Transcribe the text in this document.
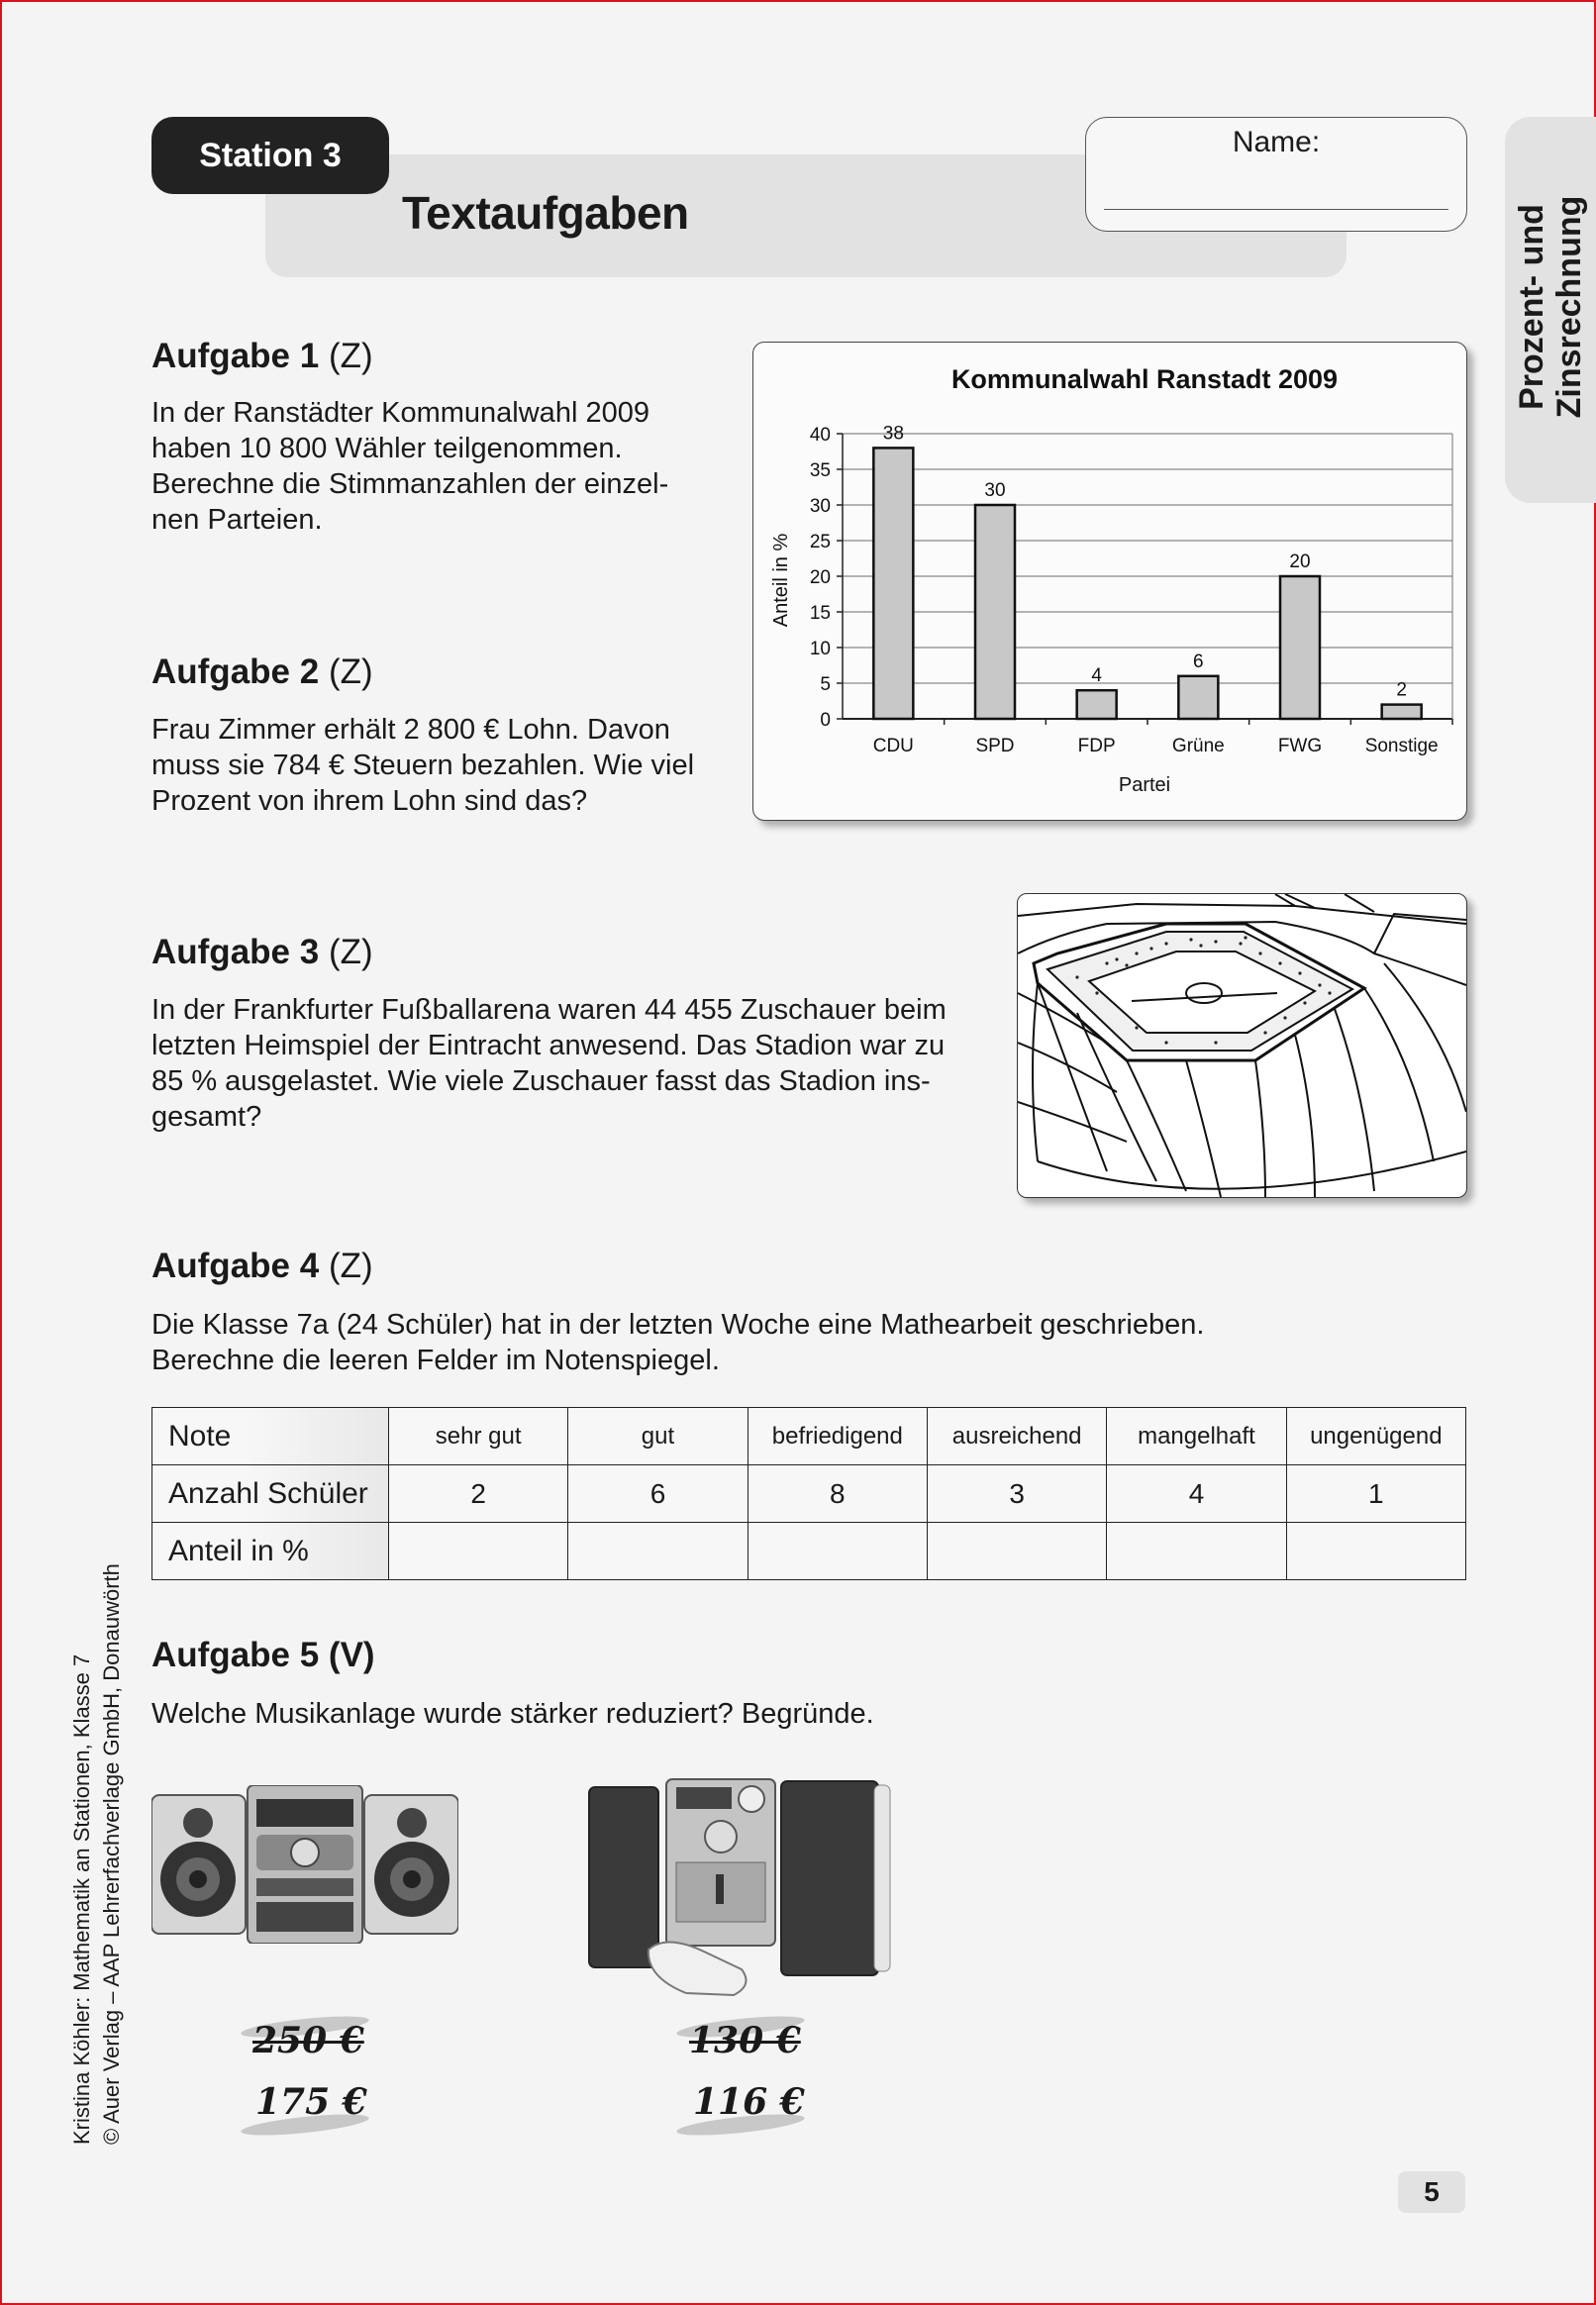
Station 3
Textaufgaben
Name:
Prozent- und Zinsrechnung
Aufgabe 1 (Z)
In der Ranstädter Kommunalwahl 2009
haben 10 800 Wähler teilgenommen.
Berechne die Stimmanzahlen der einzel-
nen Parteien.
Aufgabe 2 (Z)
Frau Zimmer erhält 2 800 € Lohn. Davon
muss sie 784 € Steuern bezahlen. Wie viel
Prozent von ihrem Lohn sind das?
Kommunalwahl Ranstadt 2009
0
5
10
15
20
25
30
35
40	38
30
4
6
20
2
CDU	SPD	FDP	Grüne	FWG Sonstige
Partei
Anteil in %
Aufgabe 3 (Z)
In der Frankfurter Fußballarena waren 44 455 Zuschauer beim
letzten Heimspiel der Eintracht anwesend. Das Stadion war zu
85 % ausgelastet. Wie viele Zuschauer fasst das Stadion ins-
gesamt?
Aufgabe 4 (Z)
Die Klasse 7a (24 Schüler) hat in der letzten Woche eine Mathearbeit geschrieben.
Berechne die leeren Felder im Notenspiegel.
Note	sehr gut	gut	befriedigend	ausreichend	mangelhaft	ungenügend
Anzahl Schüler	2	6	8	3	4	1
Anteil in %						
Aufgabe 5 (V)
Welche Musikanlage wurde stärker reduziert? Begründe.
250 €
175 €
130 €
116 €
Kristina Köhler: Mathematik an Stationen, Klasse 7 © Auer Verlag – AAP Lehrerfachverlage GmbH, Donauwörth
5
